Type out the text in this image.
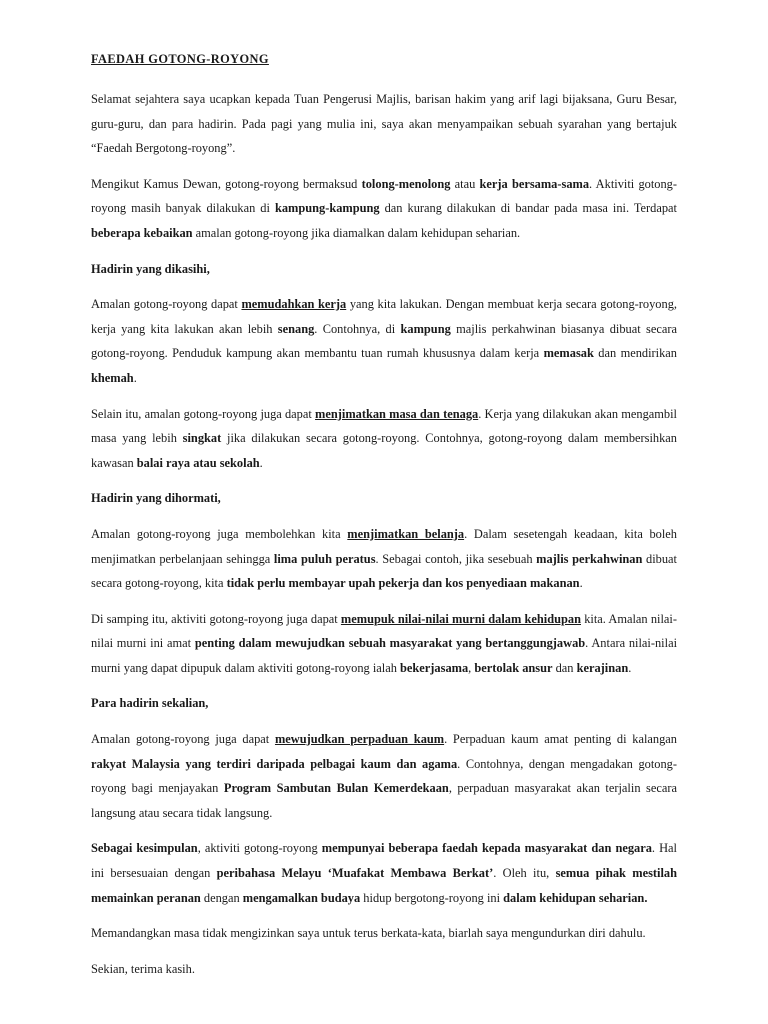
FAEDAH GOTONG-ROYONG
Selamat sejahtera saya ucapkan kepada Tuan Pengerusi Majlis, barisan hakim yang arif lagi bijaksana, Guru Besar, guru-guru, dan para hadirin. Pada pagi yang mulia ini, saya akan menyampaikan sebuah syarahan yang bertajuk “Faedah Bergotong-royong”.
Mengikut Kamus Dewan, gotong-royong bermaksud tolong-menolong atau kerja bersama-sama. Aktiviti gotong-royong masih banyak dilakukan di kampung-kampung dan kurang dilakukan di bandar pada masa ini. Terdapat beberapa kebaikan amalan gotong-royong jika diamalkan dalam kehidupan seharian.
Hadirin yang dikasihi,
Amalan gotong-royong dapat memudahkan kerja yang kita lakukan. Dengan membuat kerja secara gotong-royong, kerja yang kita lakukan akan lebih senang. Contohnya, di kampung majlis perkahwinan biasanya dibuat secara gotong-royong. Penduduk kampung akan membantu tuan rumah khususnya dalam kerja memasak dan mendirikan khemah.
Selain itu, amalan gotong-royong juga dapat menjimatkan masa dan tenaga. Kerja yang dilakukan akan mengambil masa yang lebih singkat jika dilakukan secara gotong-royong. Contohnya, gotong-royong dalam membersihkan kawasan balai raya atau sekolah.
Hadirin yang dihormati,
Amalan gotong-royong juga membolehkan kita menjimatkan belanja. Dalam sesetengah keadaan, kita boleh menjimatkan perbelanjaan sehingga lima puluh peratus. Sebagai contoh, jika sesebuah majlis perkahwinan dibuat secara gotong-royong, kita tidak perlu membayar upah pekerja dan kos penyediaan makanan.
Di samping itu, aktiviti gotong-royong juga dapat memupuk nilai-nilai murni dalam kehidupan kita. Amalan nilai-nilai murni ini amat penting dalam mewujudkan sebuah masyarakat yang bertanggungjawab. Antara nilai-nilai murni yang dapat dipupuk dalam aktiviti gotong-royong ialah bekerjasama, bertolak ansur dan kerajinan.
Para hadirin sekalian,
Amalan gotong-royong juga dapat mewujudkan perpaduan kaum. Perpaduan kaum amat penting di kalangan rakyat Malaysia yang terdiri daripada pelbagai kaum dan agama. Contohnya, dengan mengadakan gotong-royong bagi menjayakan Program Sambutan Bulan Kemerdekaan, perpaduan masyarakat akan terjalin secara langsung atau secara tidak langsung.
Sebagai kesimpulan, aktiviti gotong-royong mempunyai beberapa faedah kepada masyarakat dan negara. Hal ini bersesuaian dengan peribahasa Melayu ‘Muafakat Membawa Berkat’. Oleh itu, semua pihak mestilah memainkan peranan dengan mengamalkan budaya hidup bergotong-royong ini dalam kehidupan seharian.
Memandangkan masa tidak mengizinkan saya untuk terus berkata-kata, biarlah saya mengundurkan diri dahulu.
Sekian, terima kasih.
